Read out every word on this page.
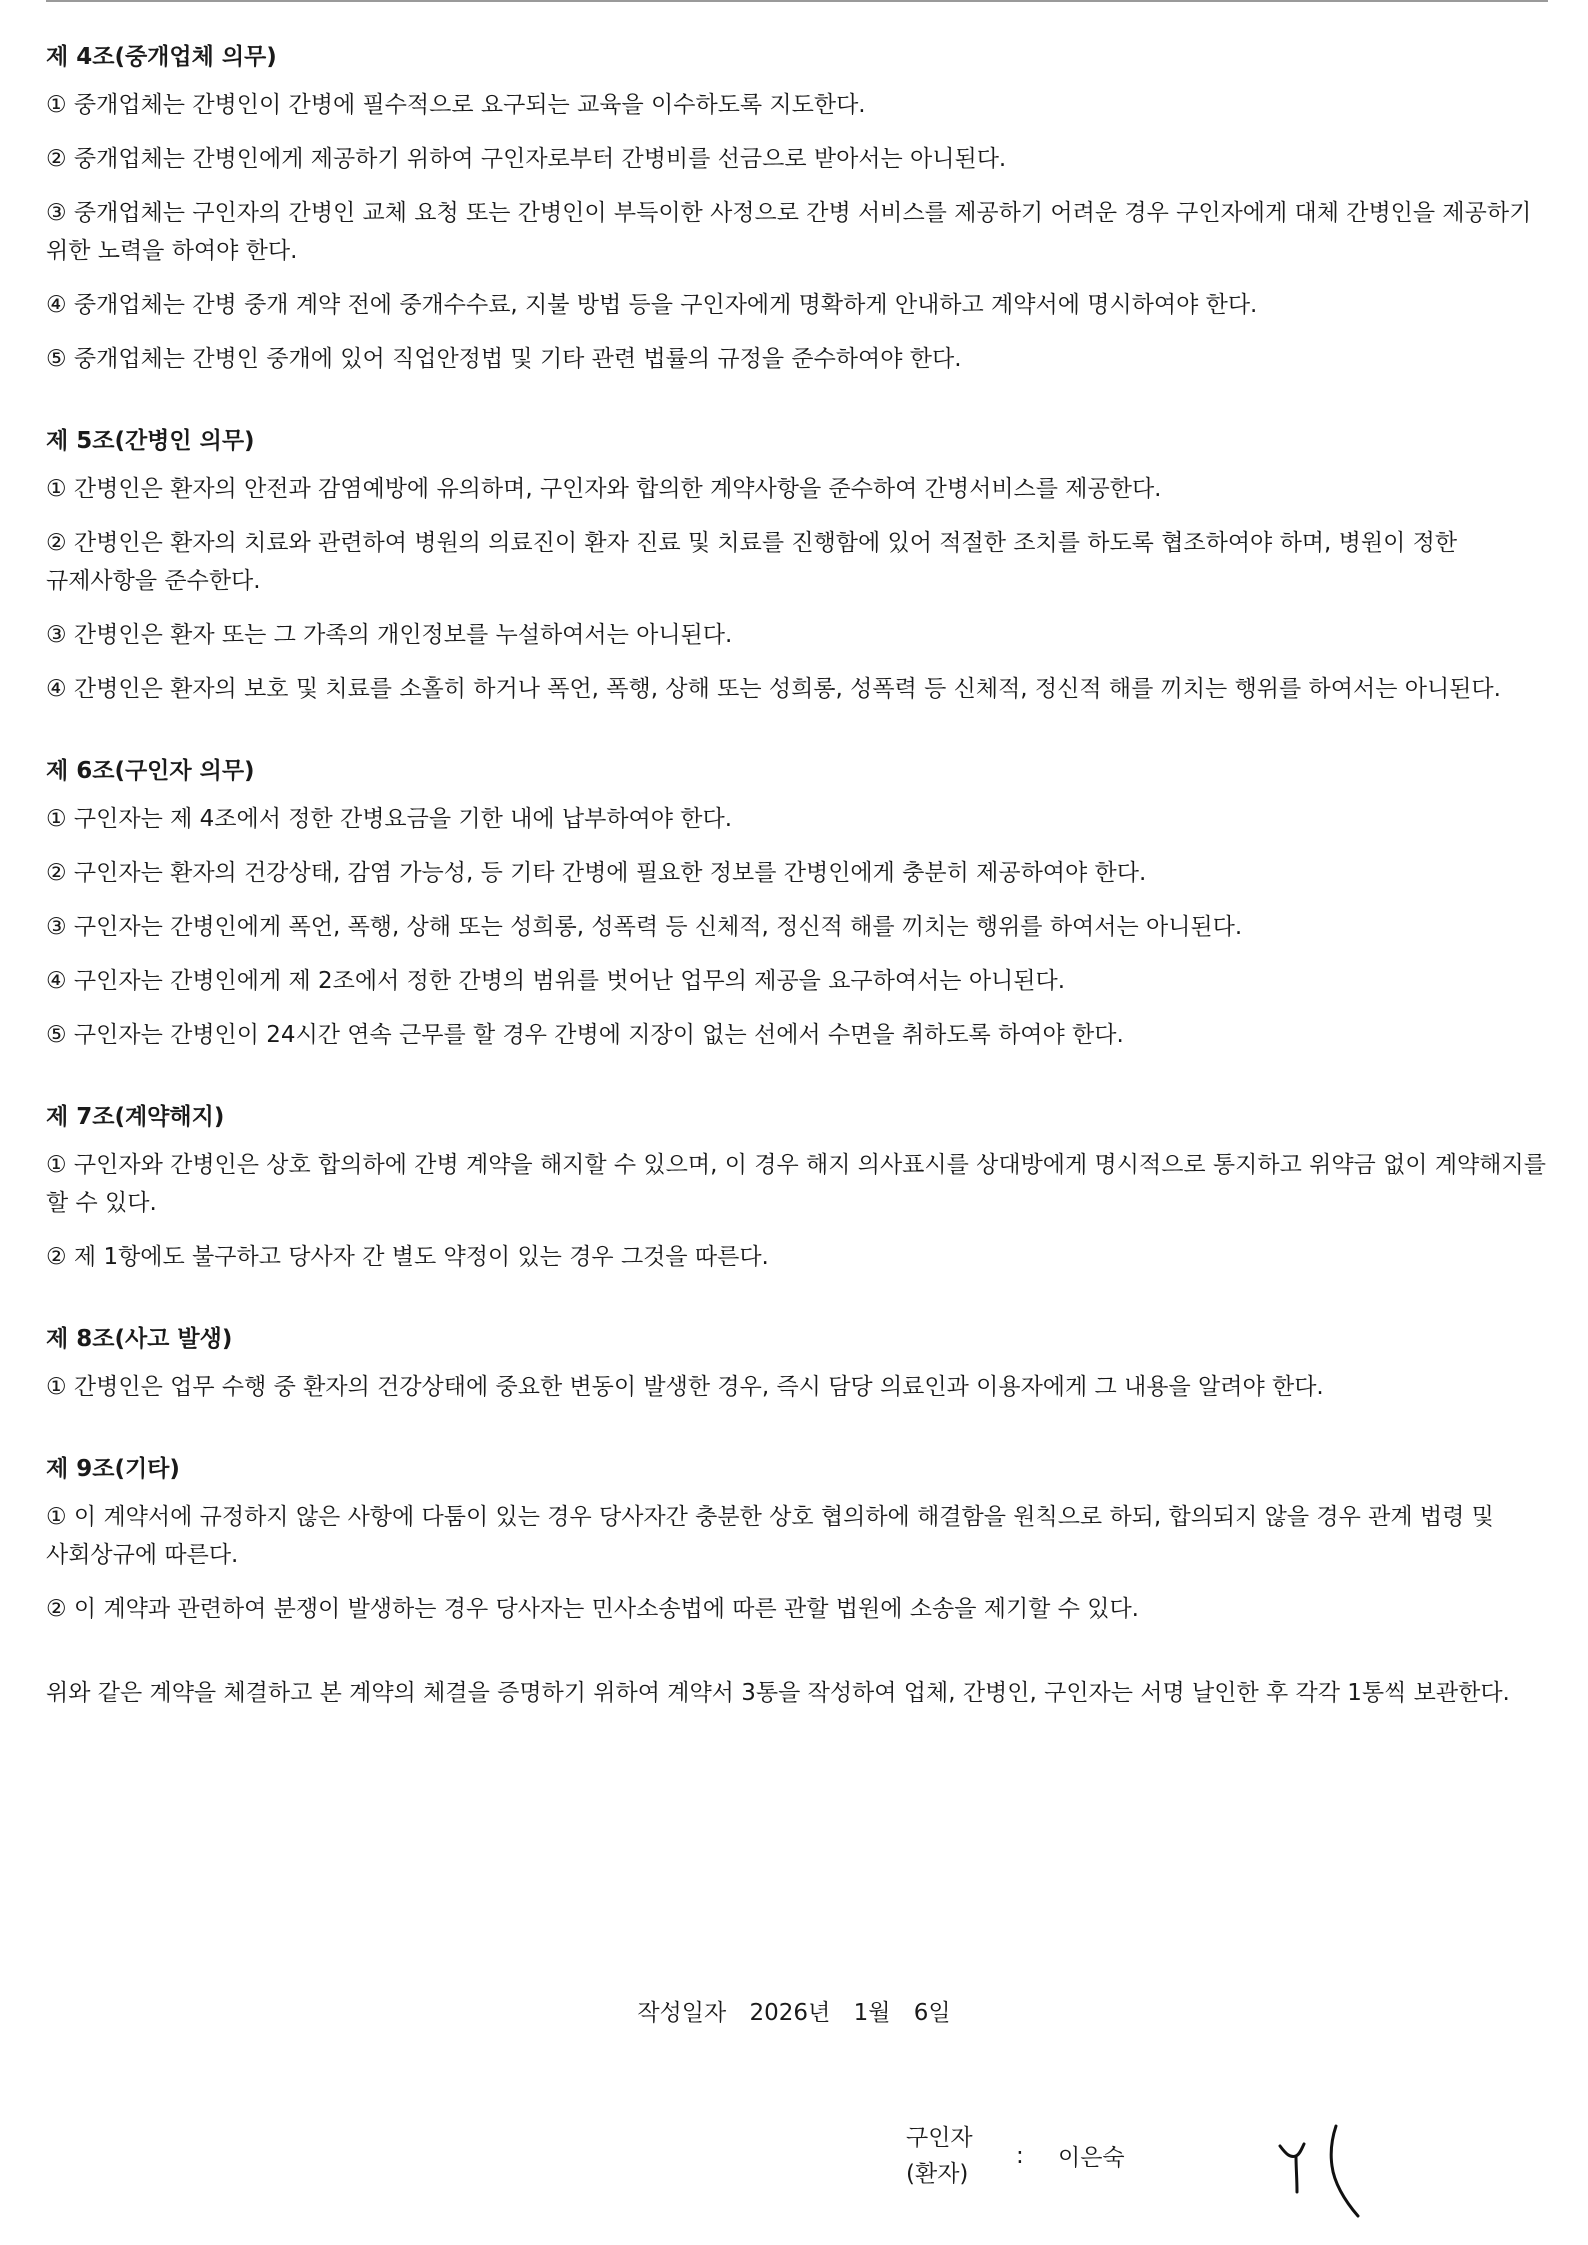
제 4조(중개업체 의무)
① 중개업체는 간병인이 간병에 필수적으로 요구되는 교육을 이수하도록 지도한다.
② 중개업체는 간병인에게 제공하기 위하여 구인자로부터 간병비를 선금으로 받아서는 아니된다.
③ 중개업체는 구인자의 간병인 교체 요청 또는 간병인이 부득이한 사정으로 간병 서비스를 제공하기 어려운 경우 구인자에게 대체 간병인을 제공하기 위한 노력을 하여야 한다.
④ 중개업체는 간병 중개 계약 전에 중개수수료, 지불 방법 등을 구인자에게 명확하게 안내하고 계약서에 명시하여야 한다.
⑤ 중개업체는 간병인 중개에 있어 직업안정법 및 기타 관련 법률의 규정을 준수하여야 한다.
제 5조(간병인 의무)
① 간병인은 환자의 안전과 감염예방에 유의하며, 구인자와 합의한 계약사항을 준수하여 간병서비스를 제공한다.
② 간병인은 환자의 치료와 관련하여 병원의 의료진이 환자 진료 및 치료를 진행함에 있어 적절한 조치를 하도록 협조하여야 하며, 병원이 정한 규제사항을 준수한다.
③ 간병인은 환자 또는 그 가족의 개인정보를 누설하여서는 아니된다.
④ 간병인은 환자의 보호 및 치료를 소홀히 하거나 폭언, 폭행, 상해 또는 성희롱, 성폭력 등 신체적, 정신적 해를 끼치는 행위를 하여서는 아니된다.
제 6조(구인자 의무)
① 구인자는 제 4조에서 정한 간병요금을 기한 내에 납부하여야 한다.
② 구인자는 환자의 건강상태, 감염 가능성, 등 기타 간병에 필요한 정보를 간병인에게 충분히 제공하여야 한다.
③ 구인자는 간병인에게 폭언, 폭행, 상해 또는 성희롱, 성폭력 등 신체적, 정신적 해를 끼치는 행위를 하여서는 아니된다.
④ 구인자는 간병인에게 제 2조에서 정한 간병의 범위를 벗어난 업무의 제공을 요구하여서는 아니된다.
⑤ 구인자는 간병인이 24시간 연속 근무를 할 경우 간병에 지장이 없는 선에서 수면을 취하도록 하여야 한다.
제 7조(계약해지)
① 구인자와 간병인은 상호 합의하에 간병 계약을 해지할 수 있으며, 이 경우 해지 의사표시를 상대방에게 명시적으로 통지하고 위약금 없이 계약해지를 할 수 있다.
② 제 1항에도 불구하고 당사자 간 별도 약정이 있는 경우 그것을 따른다.
제 8조(사고 발생)
① 간병인은 업무 수행 중 환자의 건강상태에 중요한 변동이 발생한 경우, 즉시 담당 의료인과 이용자에게 그 내용을 알려야 한다.
제 9조(기타)
① 이 계약서에 규정하지 않은 사항에 다툼이 있는 경우 당사자간 충분한 상호 협의하에 해결함을 원칙으로 하되, 합의되지 않을 경우 관계 법령 및 사회상규에 따른다.
② 이 계약과 관련하여 분쟁이 발생하는 경우 당사자는 민사소송법에 따른 관할 법원에 소송을 제기할 수 있다.
위와 같은 계약을 체결하고 본 계약의 체결을 증명하기 위하여 계약서 3통을 작성하여 업체, 간병인, 구인자는 서명 날인한 후 각각 1통씩 보관한다.
작성일자 2026년 1월 6일
구인자
(환자)
: 이은숙
